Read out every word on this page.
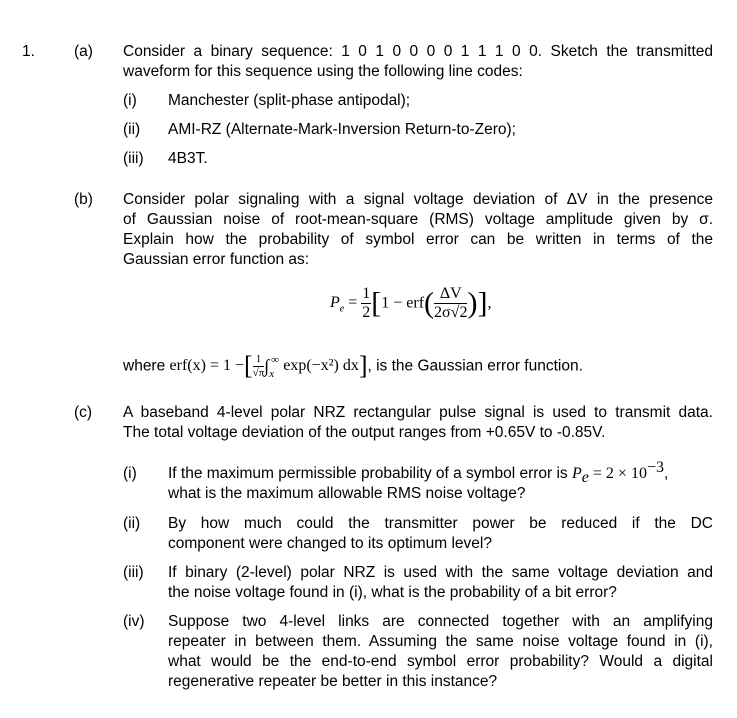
1.	(a) Consider a binary sequence: 1 0 1 0 0 0 0 1 1 1 0 0. Sketch the transmitted
waveform for this sequence using the following line codes:
(i) Manchester (split-phase antipodal);
(ii) AMI-RZ (Alternate-Mark-Inversion Return-to-Zero);
(iii) 4B3T.
(b) Consider polar signaling with a signal voltage deviation of ΔV in the presence
of Gaussian noise of root-mean-square (RMS) voltage amplitude given by σ.
Explain how the probability of symbol error can be written in terms of the
Gaussian error function as:
$P_e = \frac{1}{2} [1 - erf( \frac{\Delta V}{2\sigma√2}$ )],
where erf(x) = 1 −[ $\frac{1}{√\pi} \int_x^\infty$ exp(−x²) dx], is the Gaussian error function.
(c) A baseband 4-level polar NRZ rectangular pulse signal is used to transmit data.
The total voltage deviation of the output ranges from +0.65V to -0.85V.
(i) If the maximum permissible probability of a symbol error is $P_e = 2 \times 10^{-3}$,
what is the maximum allowable RMS noise voltage?
(ii) By how much could the transmitter power be reduced if the DC
component were changed to its optimum level?
(iii) If binary (2-level) polar NRZ is used with the same voltage deviation and
the noise voltage found in (i), what is the probability of a bit error?
(iv) Suppose two 4-level links are connected together with an amplifying
repeater in between them. Assuming the same noise voltage found in (i),
what would be the end-to-end symbol error probability? Would a digital
regenerative repeater be better in this instance?
